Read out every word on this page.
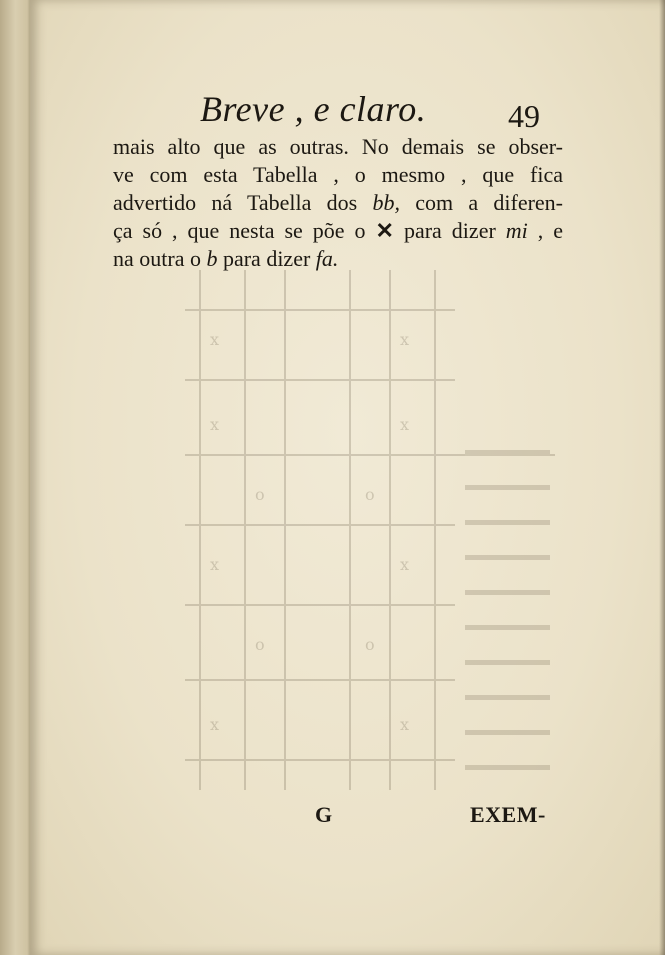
x	x
x	x
o	o
x	x
o	o
x	x
Breve , e claro.	49
mais alto que as outras. No demais se obser-
ve com esta Tabella , o mesmo , que fica
advertido ná Tabella dos bb, com a diferen-
ça só , que nesta se põe o ✕ para dizer mi , e
na outra o b para dizer fa.
G	EXEM-
